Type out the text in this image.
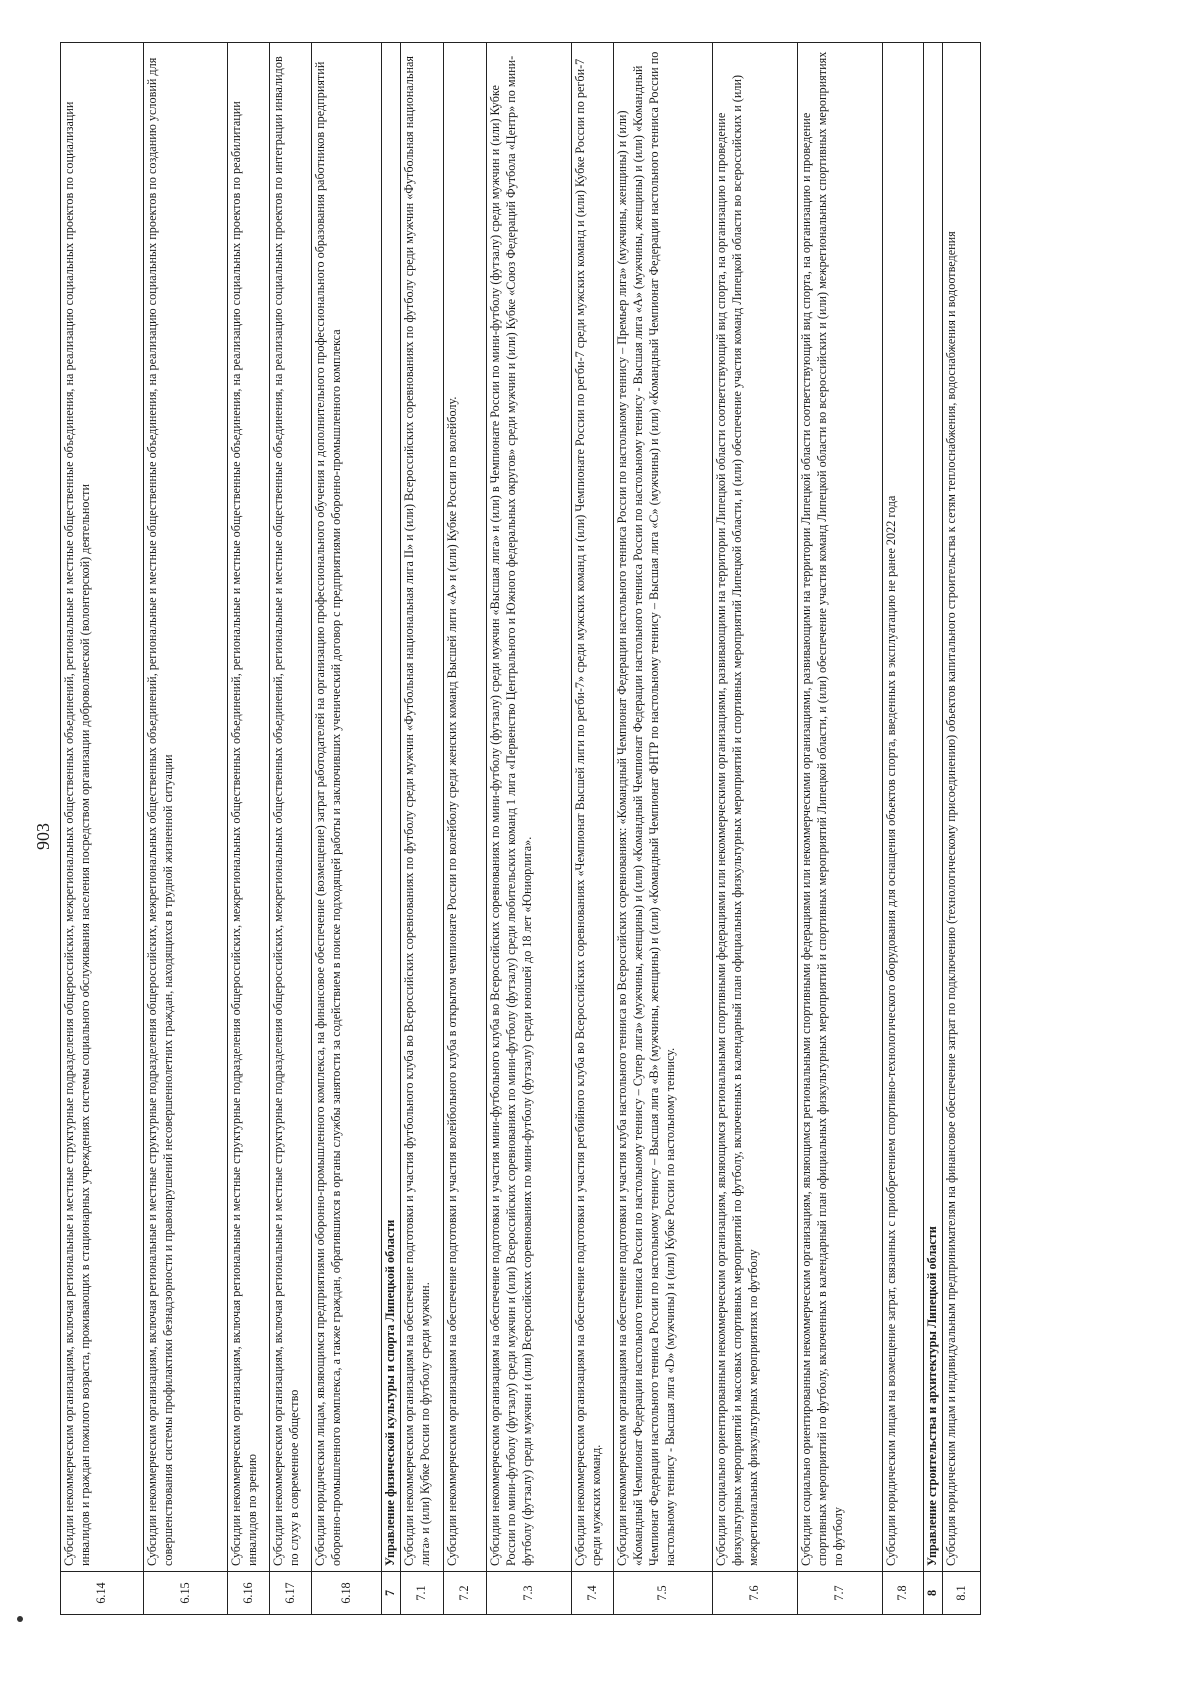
903
6.14	Субсидии некоммерческим организациям, включая региональные и местные структурные подразделения общероссийских, межрегиональных общественных объединений, региональные и местные общественные объединения, на реализацию социальных проектов по социализации инвалидов и граждан пожилого возраста, проживающих в стационарных учреждениях системы социального обслуживания населения посредством организации добровольческой (волонтерской) деятельности
6.15	Субсидии некоммерческим организациям, включая региональные и местные структурные подразделения общероссийских, межрегиональных общественных объединений, региональные и местные общественные объединения, на реализацию социальных проектов по созданию условий для совершенствования системы профилактики безнадзорности и правонарушений несовершеннолетних граждан, находящихся в трудной жизненной ситуации
6.16	Субсидии некоммерческим организациям, включая региональные и местные структурные подразделения общероссийских, межрегиональных общественных объединений, региональные и местные общественные объединения, на реализацию социальных проектов по реабилитации инвалидов по зрению
6.17	Субсидии некоммерческим организациям, включая региональные и местные структурные подразделения общероссийских, межрегиональных общественных объединений, региональные и местные общественные объединения, на реализацию социальных проектов по интеграции инвалидов по слуху в современное общество
6.18	Субсидии юридическим лицам, являющимся предприятиями оборонно-промышленного комплекса, на финансовое обеспечение (возмещение) затрат работодателей на организацию профессионального обучения и дополнительного профессионального образования работников предприятий оборонно-промышленного комплекса, а также граждан, обратившихся в органы службы занятости за содействием в поиске подходящей работы и заключивших ученический договор с предприятиями оборонно-промышленного комплекса
7	Управление физической культуры и спорта Липецкой области
7.1	Субсидии некоммерческим организациям на обеспечение подготовки и участия футбольного клуба во Всероссийских соревнованиях по футболу среди мужчин «Футбольная национальная лига II» и (или) Всероссийских соревнованиях по футболу среди мужчин «Футбольная национальная лига» и (или) Кубке России по футболу среди мужчин.
7.2	Субсидии некоммерческим организациям на обеспечение подготовки и участия волейбольного клуба в открытом чемпионате России по волейболу среди женских команд Высшей лиги «А» и (или) Кубке России по волейболу.
7.3	Субсидии некоммерческим организациям на обеспечение подготовки и участия мини-футбольного клуба во Всероссийских соревнованиях по мини-футболу (футзалу) среди мужчин «Высшая лига» и (или) в Чемпионате России по мини-футболу (футзалу) среди мужчин и (или) Кубке России по мини-футболу (футзалу) среди мужчин и (или) Всероссийских соревнованиях по мини-футболу (футзалу) среди любительских команд 1 лига «Первенство Центрального и Южного федеральных округов» среди мужчин и (или) Кубке «Союз Федераций Футбола «Центр» по мини-футболу (футзалу) среди мужчин и (или) Всероссийских соревнованиях по мини-футболу (футзалу) среди юношей до 18 лет «Юниорлига».
7.4	Субсидии некоммерческим организациям на обеспечение подготовки и участия регбийного клуба во Всероссийских соревнованиях «Чемпионат Высшей лиги по регби-7» среди мужских команд и (или) Чемпионате России по регби-7 среди мужских команд и (или) Кубке России по регби-7 среди мужских команд.
7.5	Субсидии некоммерческим организациям на обеспечение подготовки и участия клуба настольного тенниса во Всероссийских соревнованиях: «Командный Чемпионат Федерации настольного тенниса России по настольному теннису – Премьер лига» (мужчины, женщины) и (или) «Командный Чемпионат Федерации настольного тенниса России по настольному теннису – Супер лига» (мужчины, женщины) и (или) «Командный Чемпионат Федерации настольного тенниса России по настольному теннису - Высшая лига «А» (мужчины, женщины) и (или) «Командный Чемпионат Федерации настольного тенниса России по настольному теннису – Высшая лига «В» (мужчины, женщины) и (или) «Командный Чемпионат ФНТР по настольному теннису – Высшая лига «С» (мужчины) и (или) «Командный Чемпионат Федерации настольного тенниса России по настольному теннису - Высшая лига «D» (мужчины) и (или) Кубке России по настольному теннису.
7.6	Субсидии социально ориентированным некоммерческим организациям, являющимся региональными спортивными федерациями или некоммерческими организациями, развивающими на территории Липецкой области соответствующий вид спорта, на организацию и проведение физкультурных мероприятий и массовых спортивных мероприятий по футболу, включенных в календарный план официальных физкультурных мероприятий и спортивных мероприятий Липецкой области, и (или) обеспечение участия команд Липецкой области во всероссийских и (или) межрегиональных физкультурных мероприятиях по футболу
7.7	Субсидии социально ориентированным некоммерческим организациям, являющимся региональными спортивными федерациями или некоммерческими организациями, развивающими на территории Липецкой области соответствующий вид спорта, на организацию и проведение спортивных мероприятий по футболу, включенных в календарный план официальных физкультурных мероприятий и спортивных мероприятий Липецкой области, и (или) обеспечение участия команд Липецкой области во всероссийских и (или) межрегиональных спортивных мероприятиях по футболу
7.8	Субсидии юридическим лицам на возмещение затрат, связанных с приобретением спортивно-технологического оборудования для оснащения объектов спорта, введенных в эксплуатацию не ранее 2022 года
8	Управление строительства и архитектуры Липецкой области
8.1	Субсидия юридическим лицам и индивидуальным предпринимателям на финансовое обеспечение затрат по подключению (технологическому присоединению) объектов капитального строительства к сетям теплоснабжения, водоснабжения и водоотведения
